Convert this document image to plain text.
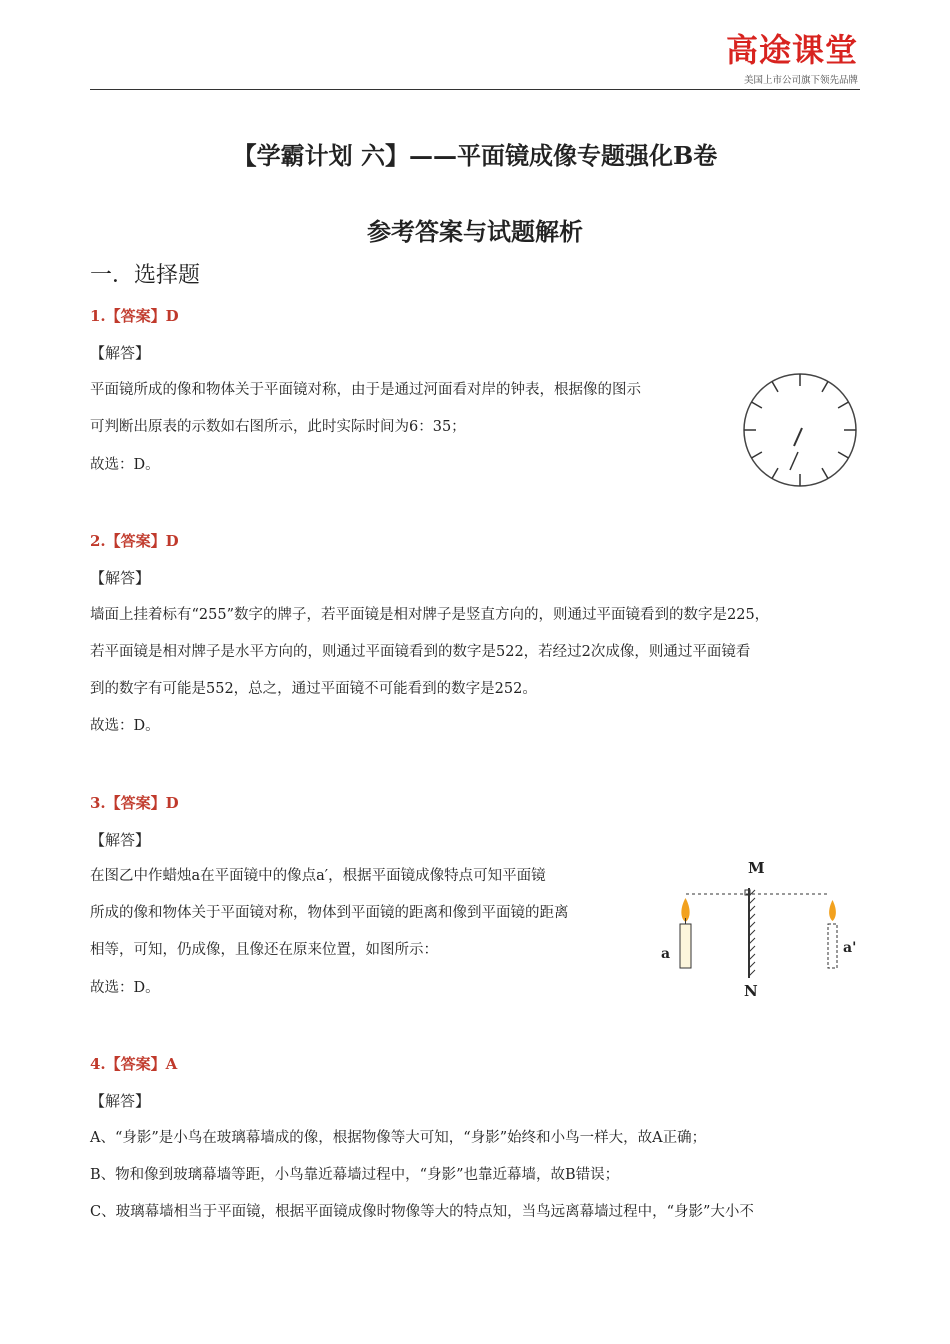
高途课堂
美国上市公司旗下领先品牌
【学霸计划 六】——平面镜成像专题强化B卷
参考答案与试题解析
一．选择题
1.【答案】D
【解答】
平面镜所成的像和物体关于平面镜对称，由于是通过河面看对岸的钟表，根据像的图示
可判断出原表的示数如右图所示，此时实际时间为6：35；
故选：D。
2.【答案】D
【解答】
墙面上挂着标有“255”数字的牌子，若平面镜是相对牌子是竖直方向的，则通过平面镜看到的数字是225，
若平面镜是相对牌子是水平方向的，则通过平面镜看到的数字是522，若经过2次成像，则通过平面镜看
到的数字有可能是552，总之，通过平面镜不可能看到的数字是252。
故选：D。
3.【答案】D
【解答】
在图乙中作蜡烛a在平面镜中的像点a′，根据平面镜成像特点可知平面镜
所成的像和物体关于平面镜对称，物体到平面镜的距离和像到平面镜的距离
相等，可知，仍成像，且像还在原来位置，如图所示：
故选：D。
M
N
a	a'
4.【答案】A
【解答】
A、“身影”是小鸟在玻璃幕墙成的像，根据物像等大可知，“身影”始终和小鸟一样大，故A正确；
B、物和像到玻璃幕墙等距，小鸟靠近幕墙过程中，“身影”也靠近幕墙，故B错误；
C、玻璃幕墙相当于平面镜，根据平面镜成像时物像等大的特点知，当鸟远离幕墙过程中，“身影”大小不
